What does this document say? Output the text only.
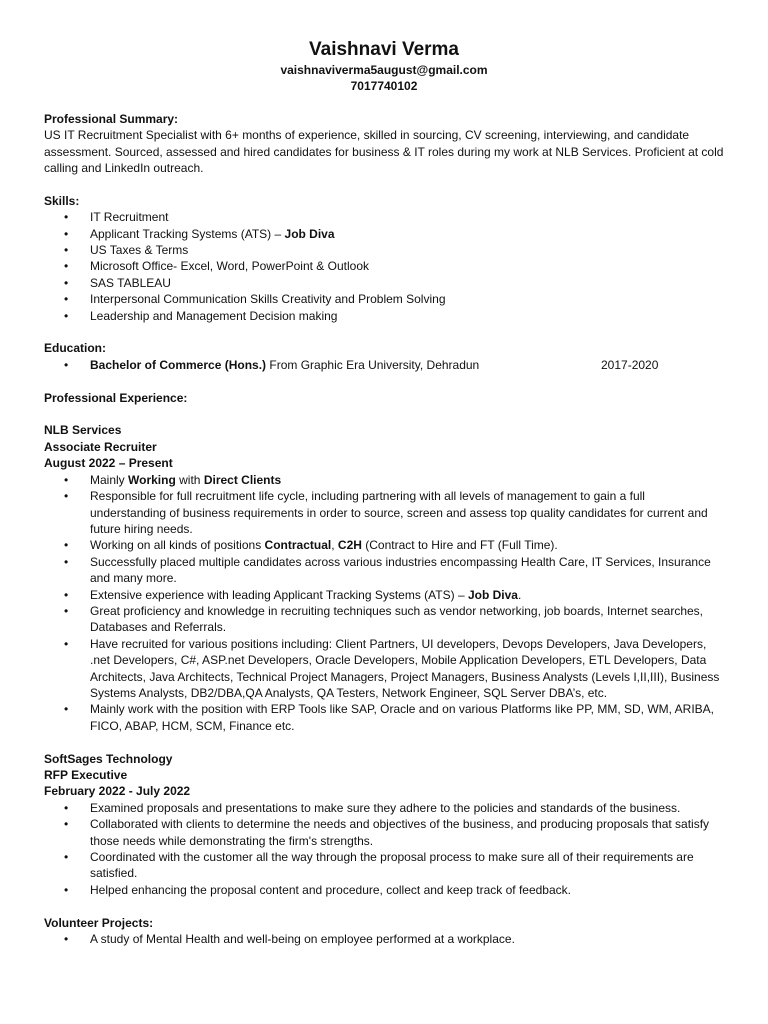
Vaishnavi Verma
vaishnaviverma5august@gmail.com
7017740102
Professional Summary:
US IT Recruitment Specialist with 6+ months of experience, skilled in sourcing, CV screening, interviewing, and candidate assessment. Sourced, assessed and hired candidates for business & IT roles during my work at NLB Services. Proficient at cold calling and LinkedIn outreach.
Skills:
• IT Recruitment
• Applicant Tracking Systems (ATS) – Job Diva
• US Taxes & Terms
• Microsoft Office- Excel, Word, PowerPoint & Outlook
• SAS TABLEAU
• Interpersonal Communication Skills Creativity and Problem Solving
• Leadership and Management Decision making
Education:
• Bachelor of Commerce (Hons.) From Graphic Era University, Dehradun	2017-2020
Professional Experience:
NLB Services
Associate Recruiter
August 2022 – Present
• Mainly Working with Direct Clients
• Responsible for full recruitment life cycle, including partnering with all levels of management to gain a full understanding of business requirements in order to source, screen and assess top quality candidates for current and future hiring needs.
• Working on all kinds of positions Contractual, C2H (Contract to Hire and FT (Full Time).
• Successfully placed multiple candidates across various industries encompassing Health Care, IT Services, Insurance and many more.
• Extensive experience with leading Applicant Tracking Systems (ATS) – Job Diva.
• Great proficiency and knowledge in recruiting techniques such as vendor networking, job boards, Internet searches, Databases and Referrals.
• Have recruited for various positions including: Client Partners, UI developers, Devops Developers, Java Developers, .net Developers, C#, ASP.net Developers, Oracle Developers, Mobile Application Developers, ETL Developers, Data Architects, Java Architects, Technical Project Managers, Project Managers, Business Analysts (Levels I,II,III), Business Systems Analysts, DB2/DBA,QA Analysts, QA Testers, Network Engineer, SQL Server DBA’s, etc.
• Mainly work with the position with ERP Tools like SAP, Oracle and on various Platforms like PP, MM, SD, WM, ARIBA, FICO, ABAP, HCM, SCM, Finance etc.
SoftSages Technology
RFP Executive
February 2022 - July 2022
• Examined proposals and presentations to make sure they adhere to the policies and standards of the business.
• Collaborated with clients to determine the needs and objectives of the business, and producing proposals that satisfy those needs while demonstrating the firm's strengths.
• Coordinated with the customer all the way through the proposal process to make sure all of their requirements are satisfied.
• Helped enhancing the proposal content and procedure, collect and keep track of feedback.
Volunteer Projects:
• A study of Mental Health and well-being on employee performed at a workplace.
